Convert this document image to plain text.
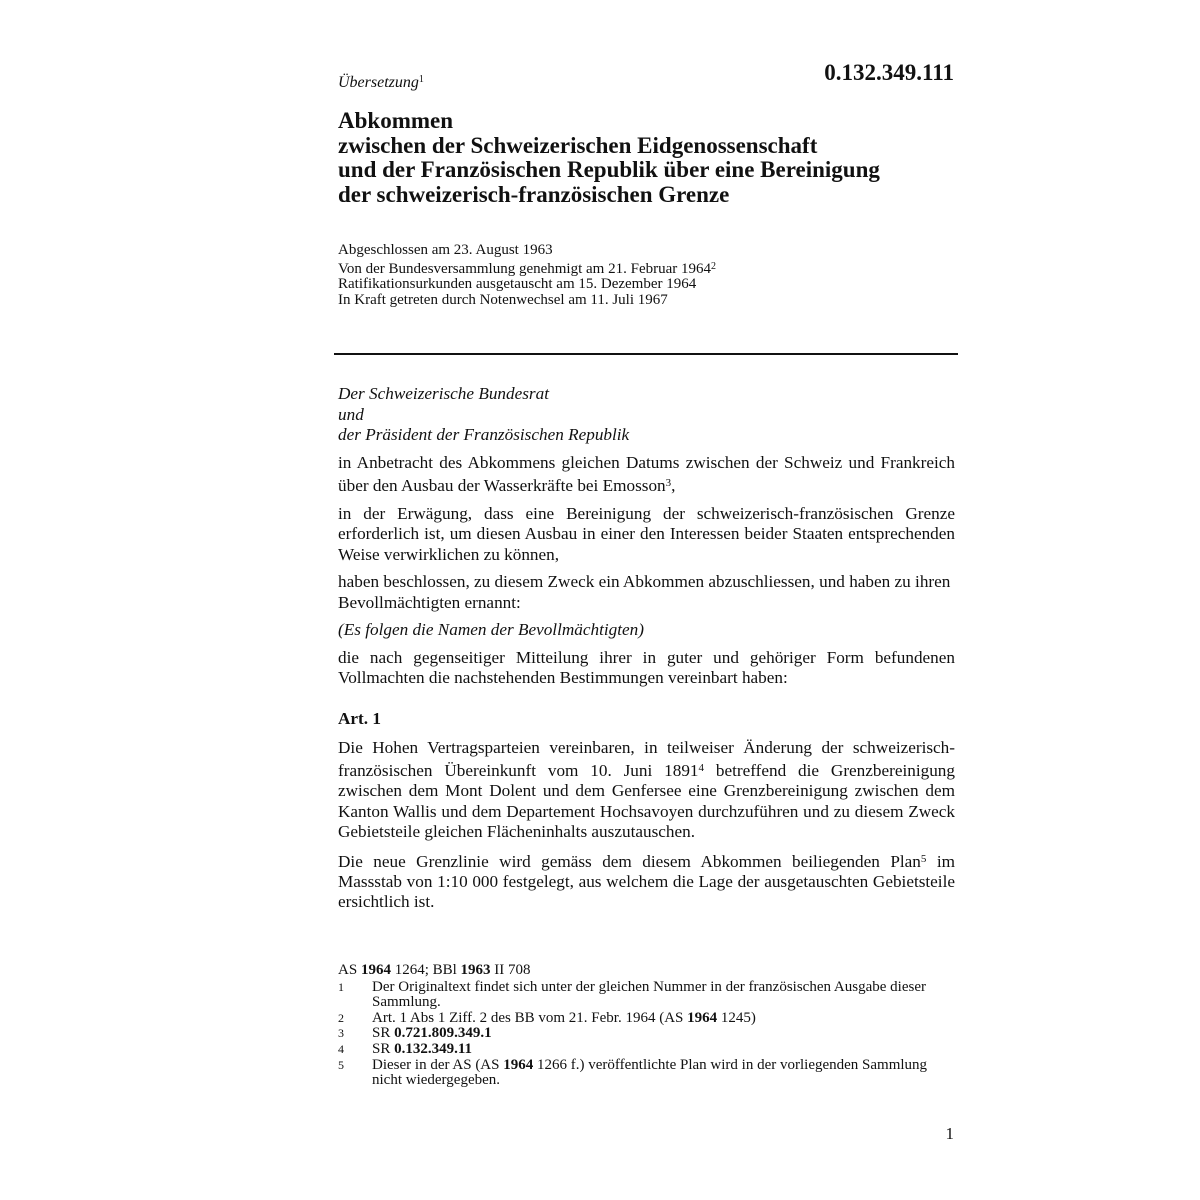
Übersetzung$^1$	0.132.349.111
Abkommen
zwischen der Schweizerischen Eidgenossenschaft
und der Französischen Republik über eine Bereinigung
der schweizerisch-französischen Grenze
Abgeschlossen am 23. August 1963
Von der Bundesversammlung genehmigt am 21. Februar 1964$^2$
Ratifikationsurkunden ausgetauscht am 15. Dezember 1964
In Kraft getreten durch Notenwechsel am 11. Juli 1967

Der Schweizerische Bundesrat

und

der Präsident der Französischen Republik

in Anbetracht des Abkommens gleichen Datums zwischen der Schweiz und Frankreich über den Ausbau der Wasserkräfte bei Emosson$^3$,

in der Erwägung, dass eine Bereinigung der schweizerisch-französischen Grenze erforderlich ist, um diesen Ausbau in einer den Interessen beider Staaten entsprechenden Weise verwirklichen zu können,

haben beschlossen, zu diesem Zweck ein Abkommen abzuschliessen, und haben zu ihren Bevollmächtigten ernannt:

(Es folgen die Namen der Bevollmächtigten)

die nach gegenseitiger Mitteilung ihrer in guter und gehöriger Form befundenen Vollmachten die nachstehenden Bestimmungen vereinbart haben:

Art. 1

Die Hohen Vertragsparteien vereinbaren, in teilweiser Änderung der schweizerisch-französischen Übereinkunft vom 10. Juni 1891$^4$ betreffend die Grenzbereinigung zwischen dem Mont Dolent und dem Genfersee eine Grenzbereinigung zwischen dem Kanton Wallis und dem Departement Hochsavoyen durchzuführen und zu diesem Zweck Gebietsteile gleichen Flächeninhalts auszutauschen.

Die neue Grenzlinie wird gemäss dem diesem Abkommen beiliegenden Plan$^5$ im Massstab von 1:10 000 festgelegt, aus welchem die Lage der ausgetauschten Gebietsteile ersichtlich ist.

AS 1964 1264; BBl 1963 II 708
1	Der Originaltext findet sich unter der gleichen Nummer in der französischen Ausgabe dieser Sammlung.
2	Art. 1 Abs 1 Ziff. 2 des BB vom 21. Febr. 1964 (AS 1964 1245)
3	SR 0.721.809.349.1
4	SR 0.132.349.11
5	Dieser in der AS (AS 1964 1266 f.) veröffentlichte Plan wird in der vorliegenden Sammlung nicht wiedergegeben.
1
